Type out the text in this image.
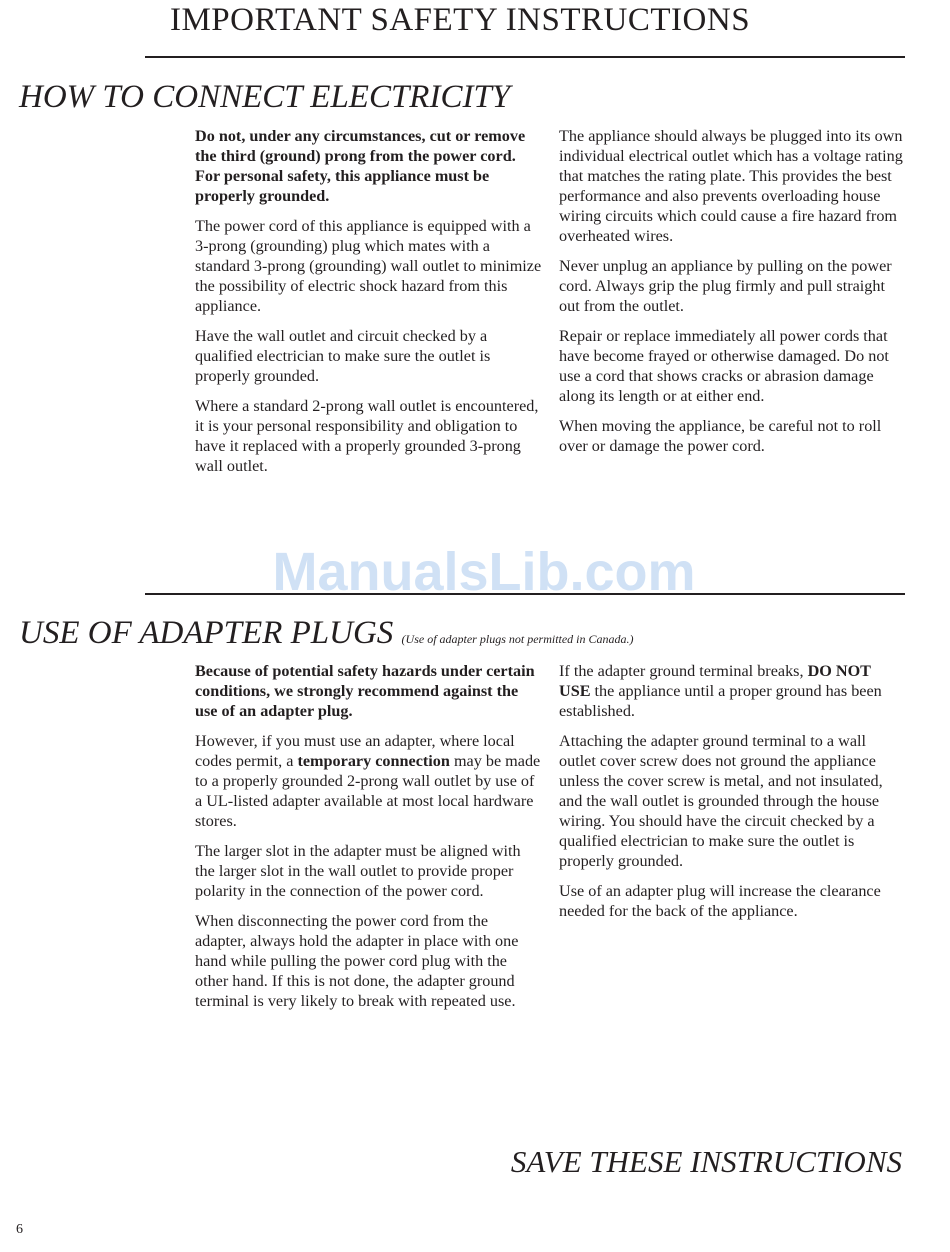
IMPORTANT SAFETY INSTRUCTIONS
HOW TO CONNECT ELECTRICITY

Do not, under any circumstances, cut or remove the third (ground) prong from the power cord. For personal safety, this appliance must be properly grounded.

The power cord of this appliance is equipped with a 3-prong (grounding) plug which mates with a standard 3-prong (grounding) wall outlet to minimize the possibility of electric shock hazard from this appliance.

Have the wall outlet and circuit checked by a qualified electrician to make sure the outlet is properly grounded.

Where a standard 2-prong wall outlet is encountered, it is your personal responsibility and obligation to have it replaced with a properly grounded 3-prong wall outlet.

The appliance should always be plugged into its own individual electrical outlet which has a voltage rating that matches the rating plate. This provides the best performance and also prevents overloading house wiring circuits which could cause a fire hazard from overheated wires.

Never unplug an appliance by pulling on the power cord. Always grip the plug firmly and pull straight out from the outlet.

Repair or replace immediately all power cords that have become frayed or otherwise damaged. Do not use a cord that shows cracks or abrasion damage along its length or at either end.

When moving the appliance, be careful not to roll over or damage the power cord.

ManualsLib.com
USE OF ADAPTER PLUGS (Use of adapter plugs not permitted in Canada.)

Because of potential safety hazards under certain conditions, we strongly recommend against the use of an adapter plug.

However, if you must use an adapter, where local codes permit, a temporary connection may be made to a properly grounded 2-prong wall outlet by use of a UL-listed adapter available at most local hardware stores.

The larger slot in the adapter must be aligned with the larger slot in the wall outlet to provide proper polarity in the connection of the power cord.

When disconnecting the power cord from the adapter, always hold the adapter in place with one hand while pulling the power cord plug with the other hand. If this is not done, the adapter ground terminal is very likely to break with repeated use.

If the adapter ground terminal breaks, DO NOT USE the appliance until a proper ground has been established.

Attaching the adapter ground terminal to a wall outlet cover screw does not ground the appliance unless the cover screw is metal, and not insulated, and the wall outlet is grounded through the house wiring. You should have the circuit checked by a qualified electrician to make sure the outlet is properly grounded.

Use of an adapter plug will increase the clearance needed for the back of the appliance.

SAVE THESE INSTRUCTIONS
6
